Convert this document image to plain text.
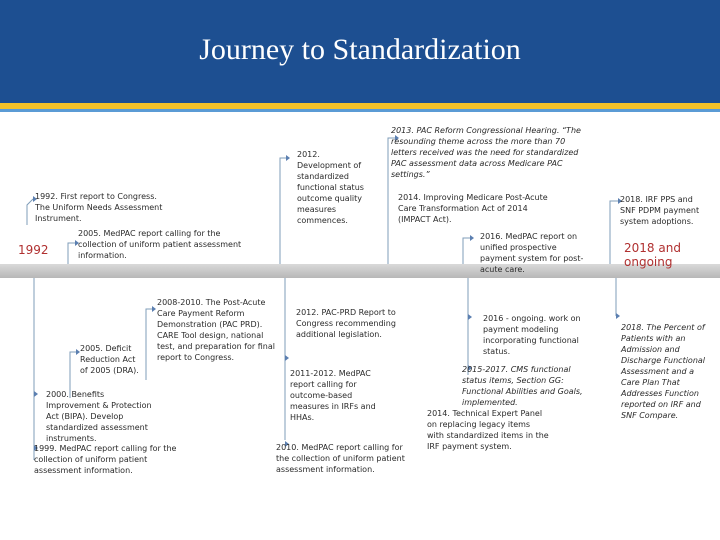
Journey to Standardization
1992	2018 and ongoing
1992. First report to Congress. The Uniform Needs Assessment Instrument.
2005. MedPAC report calling for the collection of uniform patient assessment information.
2012. Development of standardized functional status outcome quality measures commences.
2013. PAC Reform Congressional Hearing. “The resounding theme across the more than 70 letters received was the need for standardized PAC assessment data across Medicare PAC settings.”
2014. Improving Medicare Post-Acute Care Transformation Act of 2014 (IMPACT Act).
2018. IRF PPS and SNF PDPM payment system adoptions.
2016. MedPAC report on unified prospective payment system for post-acute care.
2005. Deficit Reduction Act of 2005 (DRA).
2008-2010. The Post-Acute Care Payment Reform Demonstration (PAC PRD). CARE Tool design, national test, and preparation for final report to Congress.
2000. Benefits Improvement & Protection Act (BIPA). Develop standardized assessment instruments.
1999. MedPAC report calling for the collection of uniform patient assessment information.
2012. PAC-PRD Report to Congress recommending additional legislation.
2011-2012. MedPAC report calling for outcome-based measures in IRFs and HHAs.
2010. MedPAC report calling for the collection of uniform patient assessment information.
2016 - ongoing. work on payment modeling incorporating functional status.
2015-2017. CMS functional status items, Section GG: Functional Abilities and Goals, implemented.
2014. Technical Expert Panel on replacing legacy items with standardized items in the IRF payment system.
2018. The Percent of Patients with an Admission and Discharge Functional Assessment and a Care Plan That Addresses Function reported on IRF and SNF Compare.
